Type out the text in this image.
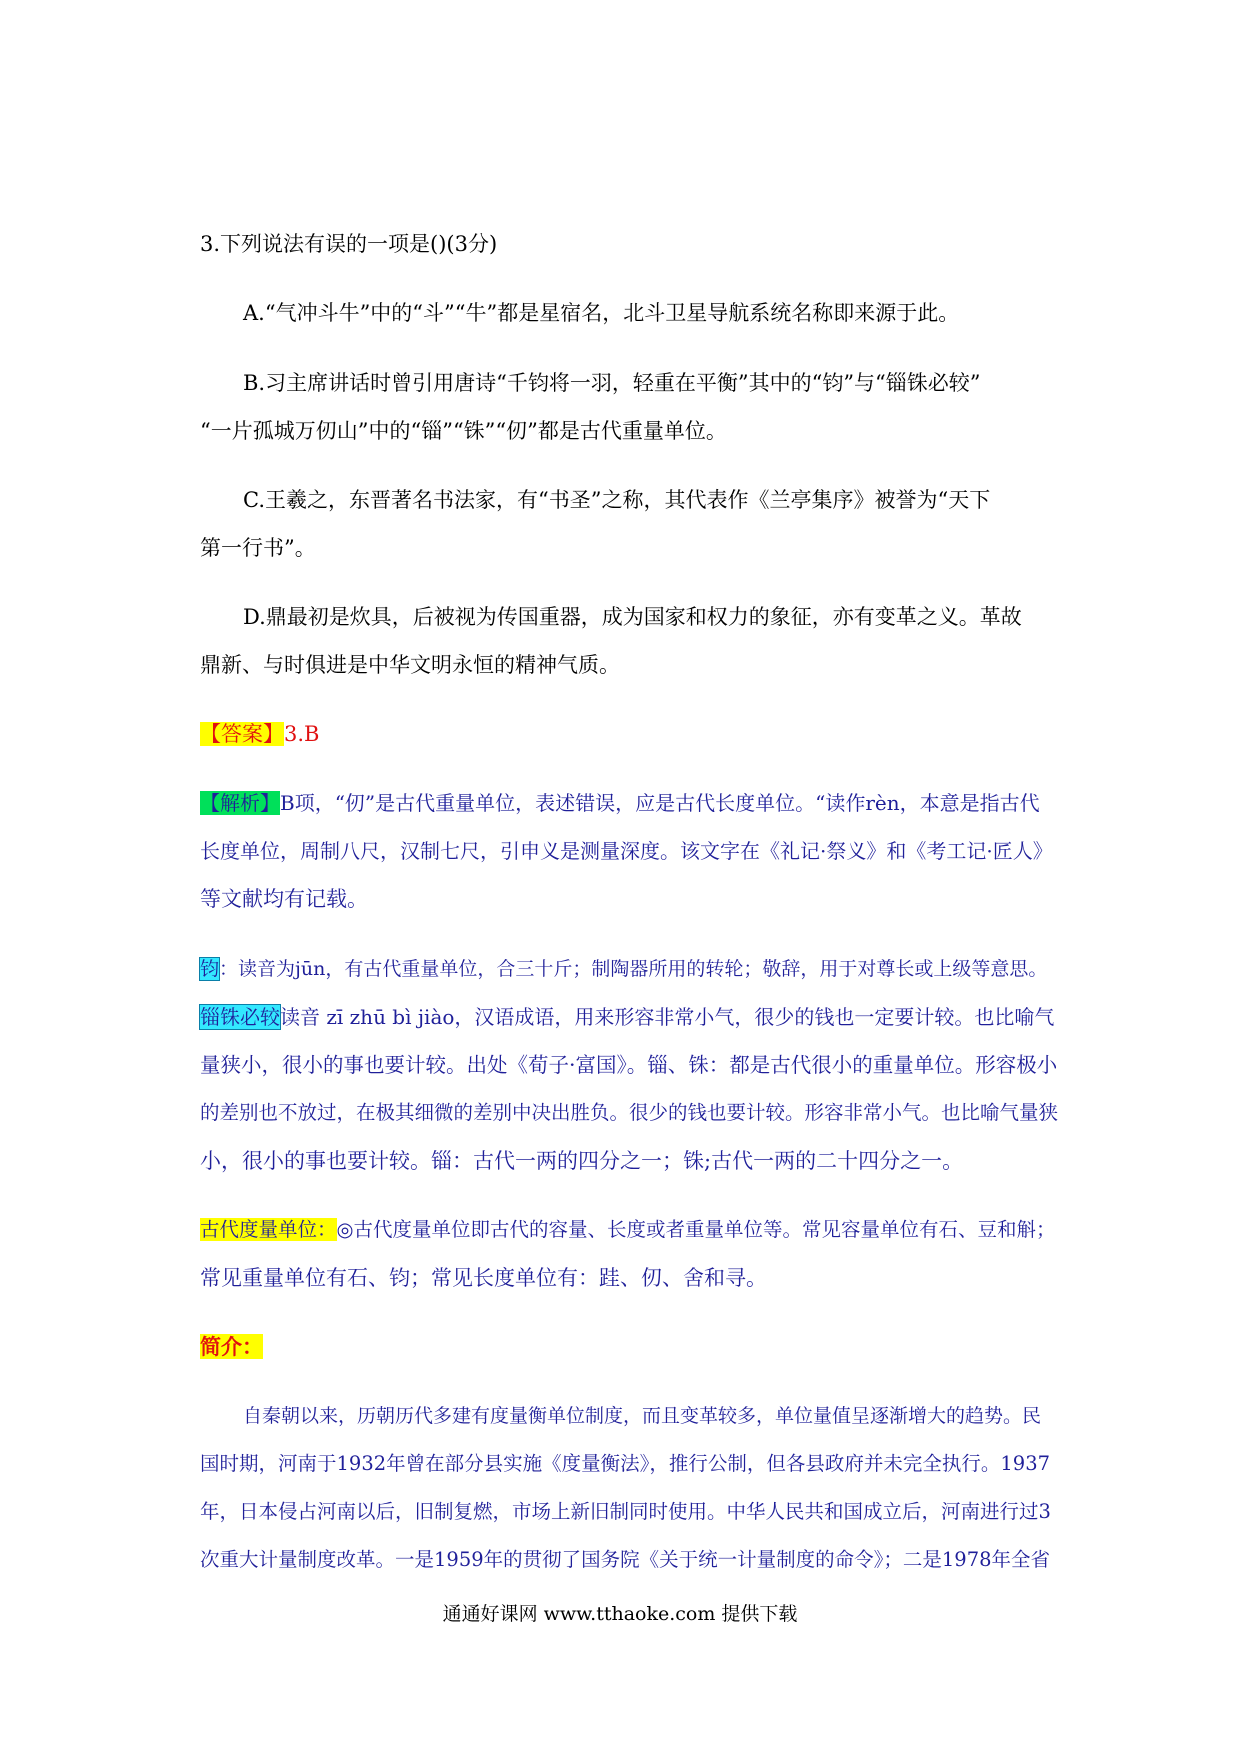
3.下列说法有误的一项是()(3分)
A.“气冲斗牛”中的“斗”“牛”都是星宿名，北斗卫星导航系统名称即来源于此。
B.习主席讲话时曾引用唐诗“千钧将一羽，轻重在平衡”其中的“钧”与“锱铢必较”
“一片孤城万仞山”中的“锱”“铢”“仞”都是古代重量单位。
C.王羲之，东晋著名书法家，有“书圣”之称，其代表作《兰亭集序》被誉为“天下
第一行书”。
D.鼎最初是炊具，后被视为传国重器，成为国家和权力的象征，亦有变革之义。革故
鼎新、与时俱进是中华文明永恒的精神气质。
【答案】3.B
【解析】B项，“仞”是古代重量单位，表述错误，应是古代长度单位。“读作rèn，本意是指古代
长度单位，周制八尺，汉制七尺，引申义是测量深度。该文字在《礼记·祭义》和《考工记·匠人》
等文献均有记载。
钧：读音为jūn，有古代重量单位，合三十斤；制陶器所用的转轮；敬辞，用于对尊长或上级等意思。
锱铢必较读音 zī zhū bì jiào，汉语成语，用来形容非常小气，很少的钱也一定要计较。也比喻气
量狭小，很小的事也要计较。出处《荀子·富国》。锱、铢：都是古代很小的重量单位。形容极小
的差别也不放过，在极其细微的差别中决出胜负。很少的钱也要计较。形容非常小气。也比喻气量狭
小，很小的事也要计较。锱：古代一两的四分之一；铢;古代一两的二十四分之一。
古代度量单位：◎古代度量单位即古代的容量、长度或者重量单位等。常见容量单位有石、豆和斛；
常见重量单位有石、钧；常见长度单位有：跬、仞、舍和寻。
简介：
自秦朝以来，历朝历代多建有度量衡单位制度，而且变革较多，单位量值呈逐渐增大的趋势。民
国时期，河南于1932年曾在部分县实施《度量衡法》，推行公制，但各县政府并未完全执行。1937
年，日本侵占河南以后，旧制复燃，市场上新旧制同时使用。中华人民共和国成立后，河南进行过3
次重大计量制度改革。一是1959年的贯彻了国务院《关于统一计量制度的命令》；二是1978年全省
通通好课网 www.tthaoke.com 提供下载
